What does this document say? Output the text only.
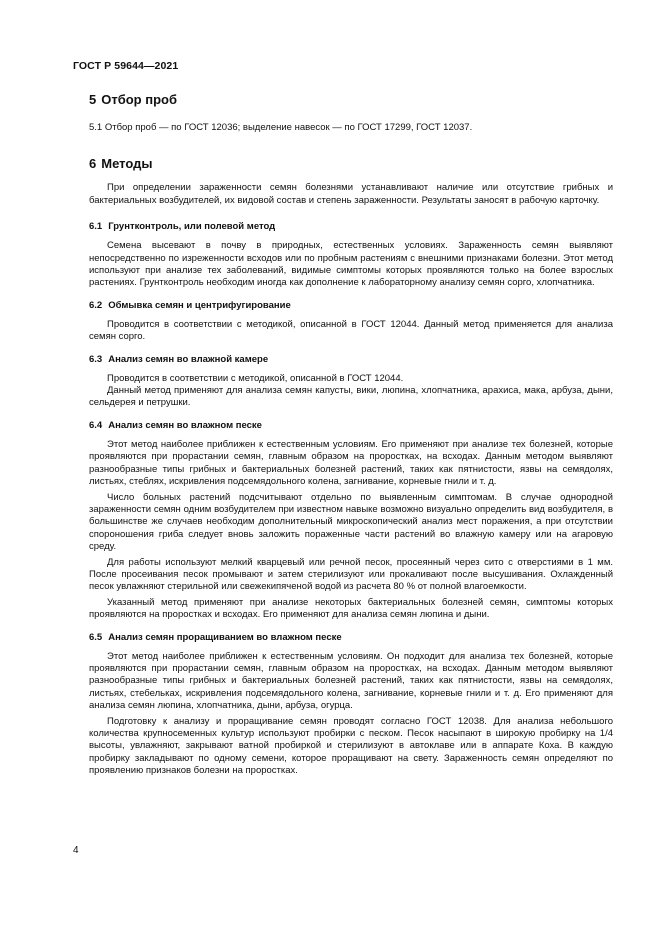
ГОСТ Р 59644—2021
5 Отбор проб

5.1 Отбор проб — по ГОСТ 12036; выделение навесок — по ГОСТ 17299, ГОСТ 12037.

6 Методы

При определении зараженности семян болезнями устанавливают наличие или отсутствие грибных и бактериальных возбудителей, их видовой состав и степень зараженности. Результаты заносят в рабочую карточку.

6.1 Грунтконтроль, или полевой метод

Семена высевают в почву в природных, естественных условиях. Зараженность семян выявляют непосредственно по изреженности всходов или по пробным растениям с внешними признаками болезни. Этот метод используют при анализе тех заболеваний, видимые симптомы которых проявляются только на более взрослых растениях. Грунтконтроль необходим иногда как дополнение к лабораторному анализу семян сорго, хлопчатника.

6.2 Обмывка семян и центрифугирование

Проводится в соответствии с методикой, описанной в ГОСТ 12044. Данный метод применяется для анализа семян сорго.

6.3 Анализ семян во влажной камере

Проводится в соответствии с методикой, описанной в ГОСТ 12044.

Данный метод применяют для анализа семян капусты, вики, люпина, хлопчатника, арахиса, мака, арбуза, дыни, сельдерея и петрушки.

6.4 Анализ семян во влажном песке

Этот метод наиболее приближен к естественным условиям. Его применяют при анализе тех болезней, которые проявляются при прорастании семян, главным образом на проростках, на всходах. Данным методом выявляют разнообразные типы грибных и бактериальных болезней растений, таких как пятнистости, язвы на семядолях, листьях, стеблях, искривления подсемядольного колена, загнивание, корневые гнили и т. д.

Число больных растений подсчитывают отдельно по выявленным симптомам. В случае однородной зараженности семян одним возбудителем при известном навыке возможно визуально определить вид возбудителя, в большинстве же случаев необходим дополнительный микроскопический анализ мест поражения, а при отсутствии спороношения гриба следует вновь заложить пораженные части растений во влажную камеру или на агаровую среду.

Для работы используют мелкий кварцевый или речной песок, просеянный через сито с отверстиями в 1 мм. После просеивания песок промывают и затем стерилизуют или прокаливают после высушивания. Охлажденный песок увлажняют стерильной или свежекипяченой водой из расчета 80 % от полной влагоемкости.

Указанный метод применяют при анализе некоторых бактериальных болезней семян, симптомы которых проявляются на проростках и всходах. Его применяют для анализа семян люпина и дыни.

6.5 Анализ семян проращиванием во влажном песке

Этот метод наиболее приближен к естественным условиям. Он подходит для анализа тех болезней, которые проявляются при прорастании семян, главным образом на проростках, на всходах. Данным методом выявляют разнообразные типы грибных и бактериальных болезней растений, таких как пятнистости, язвы на семядолях, листьях, стебельках, искривления подсемядольного колена, загнивание, корневые гнили и т. д. Его применяют для анализа семян люпина, хлопчатника, дыни, арбуза, огурца.

Подготовку к анализу и проращивание семян проводят согласно ГОСТ 12038. Для анализа небольшого количества крупносеменных культур используют пробирки с песком. Песок насыпают в широкую пробирку на 1/4 высоты, увлажняют, закрывают ватной пробиркой и стерилизуют в автоклаве или в аппарате Коха. В каждую пробирку закладывают по одному семени, которое проращивают на свету. Зараженность семян определяют по проявлению признаков болезни на проростках.

4
